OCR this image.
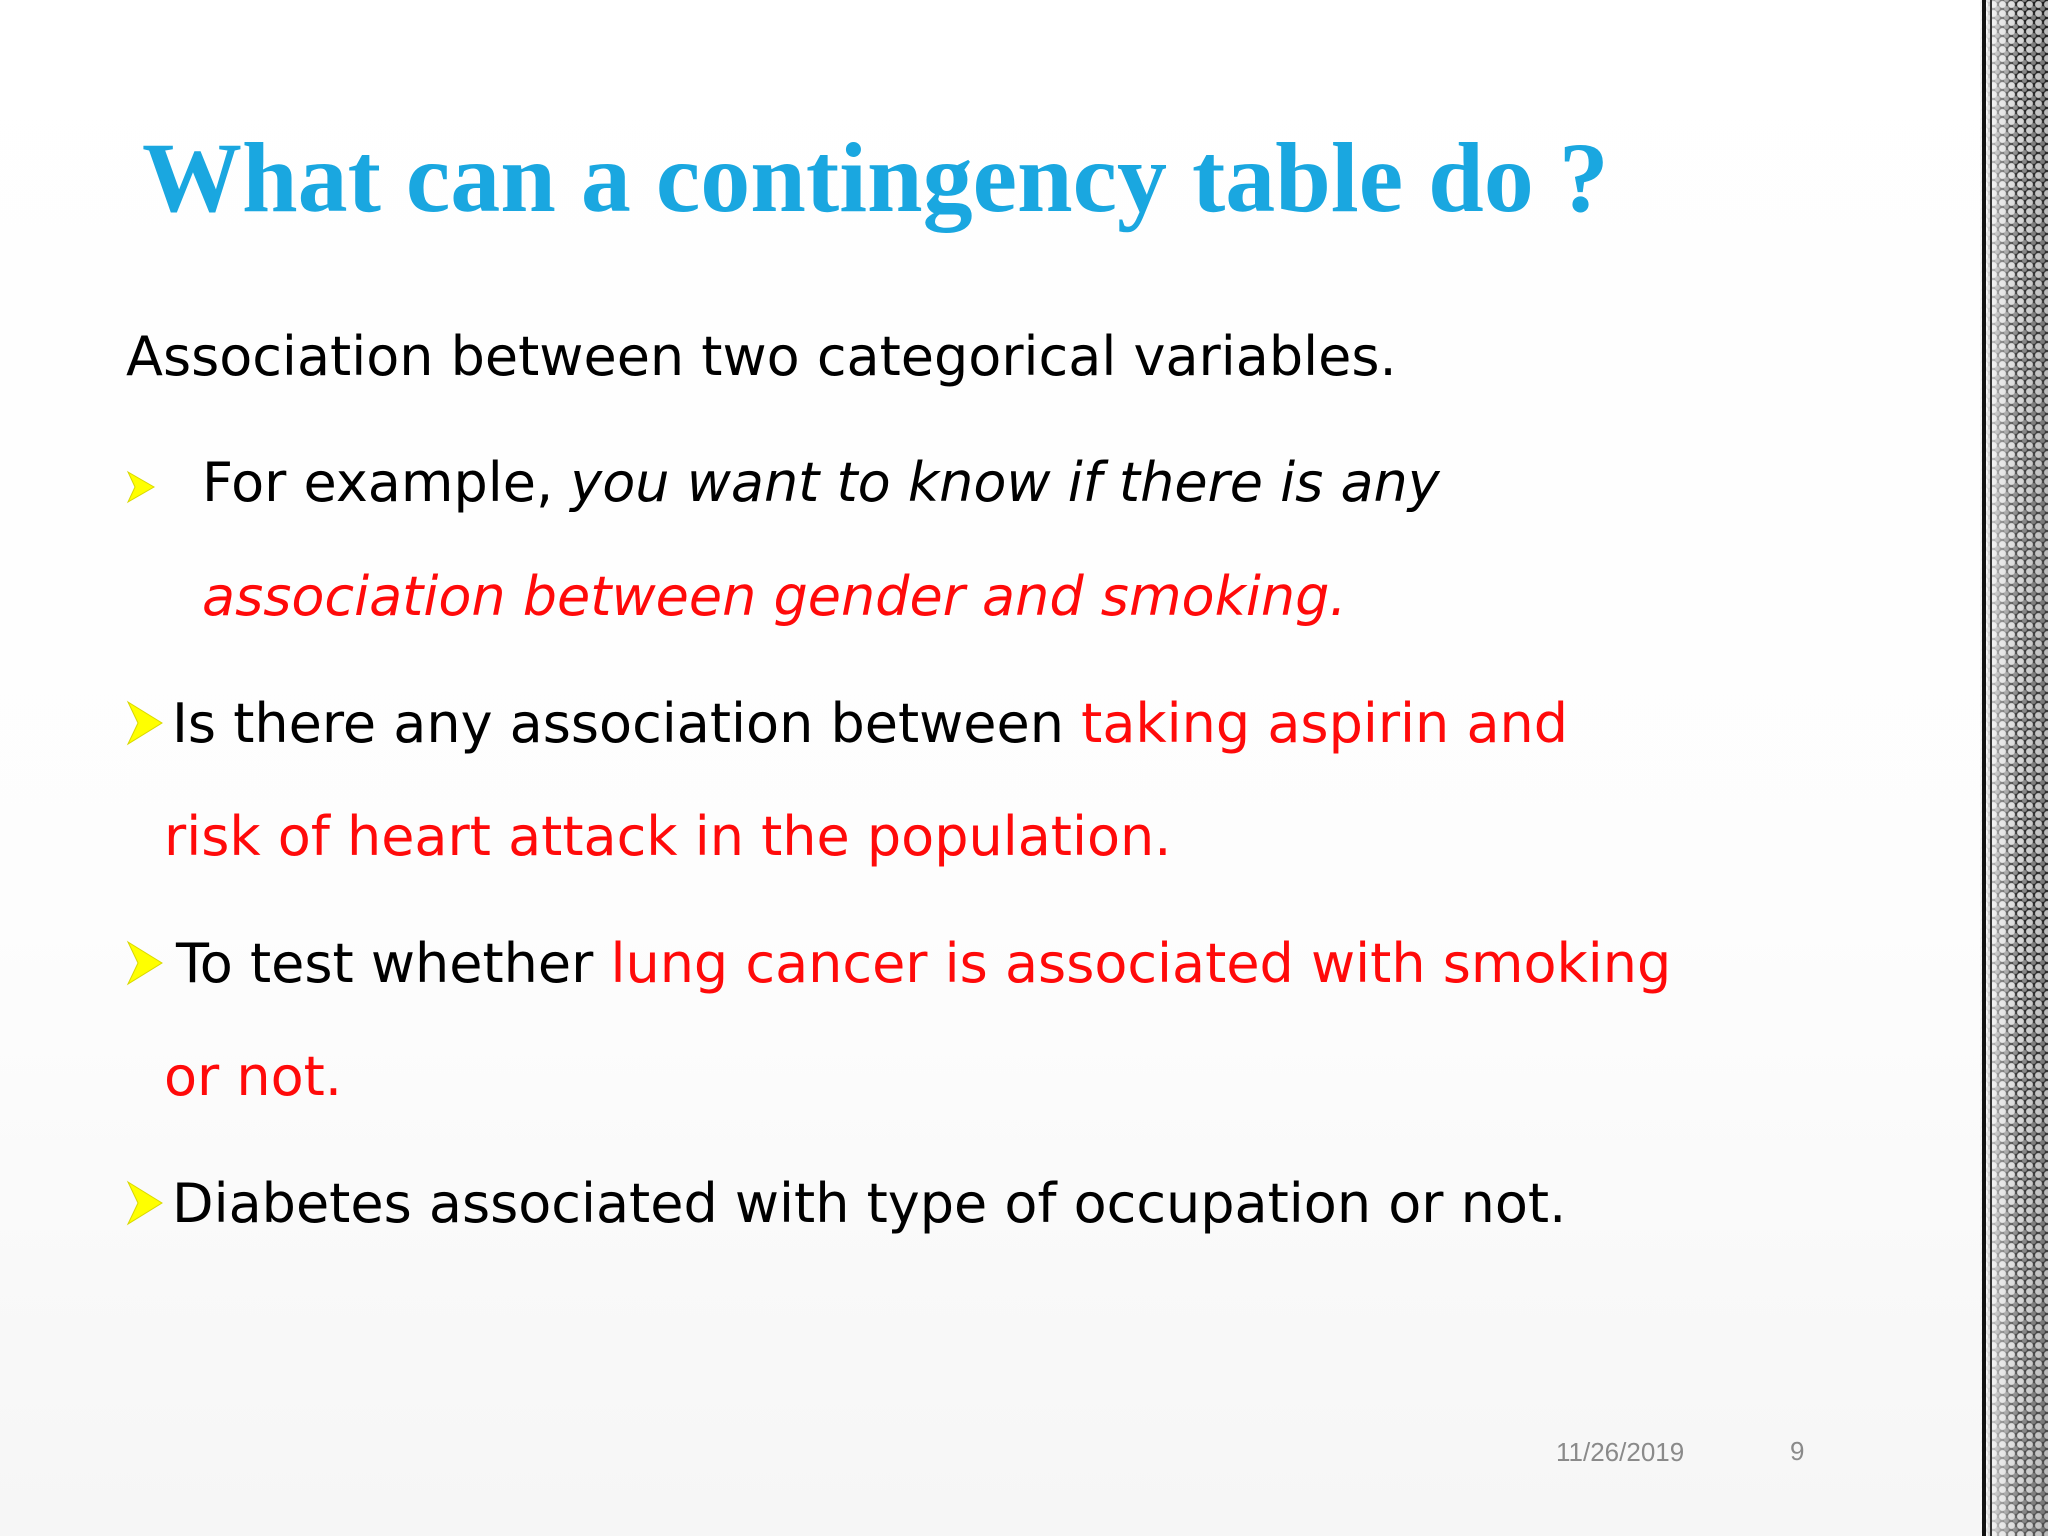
What can a contingency table do ?

Association between two categorical variables.

For example, you want to know if there is any

association between gender and smoking.

Is there any association between taking aspirin and

risk of heart attack in the population.

To test whether lung cancer is associated with smoking

or not.

Diabetes associated with type of occupation or not.

11/26/2019	9
